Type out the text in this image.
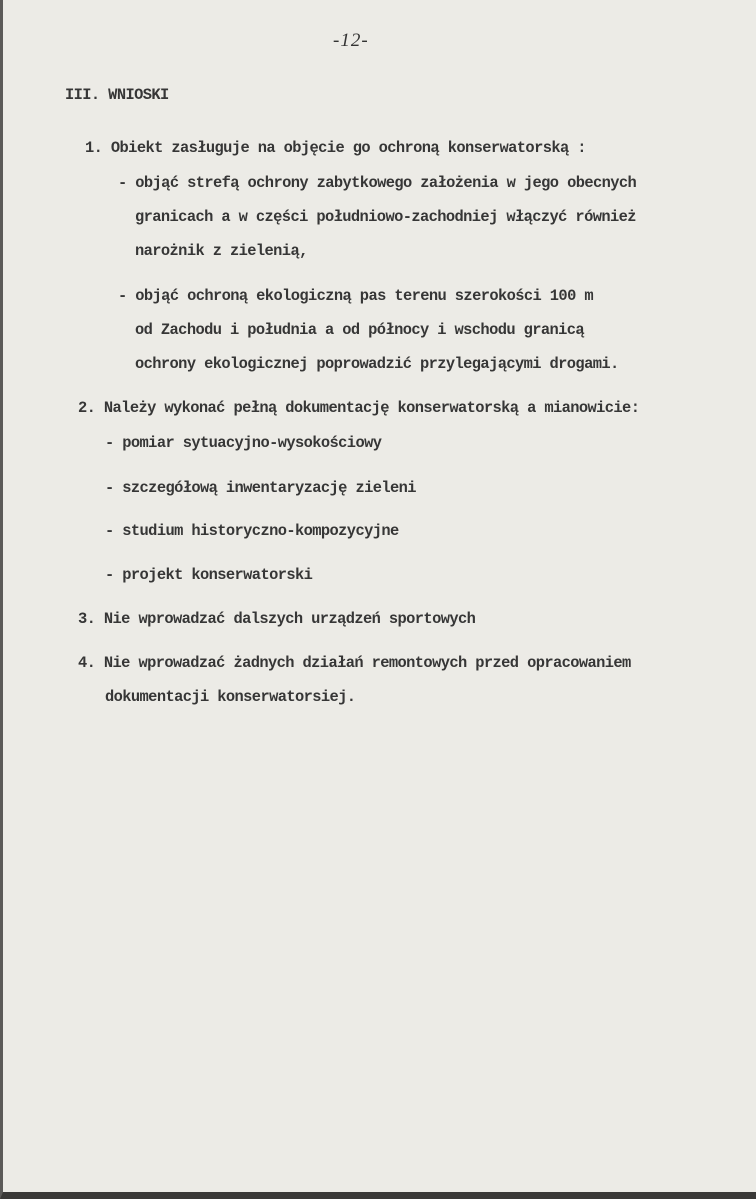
-12-
III. WNIOSKI
1. Obiekt zasługuje na objęcie go ochroną konserwatorską :
- objąć strefą ochrony zabytkowego założenia w jego obecnych
granicach a w części południowo-zachodniej włączyć również
narożnik z zielenią,
- objąć ochroną ekologiczną pas terenu szerokości 100 m
od Zachodu i południa a od północy i wschodu granicą
ochrony ekologicznej poprowadzić przylegającymi drogami.
2. Należy wykonać pełną dokumentację konserwatorską a mianowicie:
- pomiar sytuacyjno-wysokościowy
- szczegółową inwentaryzację zieleni
- studium historyczno-kompozycyjne
- projekt konserwatorski
3. Nie wprowadzać dalszych urządzeń sportowych
4. Nie wprowadzać żadnych działań remontowych przed opracowaniem
dokumentacji konserwatorsiej.
